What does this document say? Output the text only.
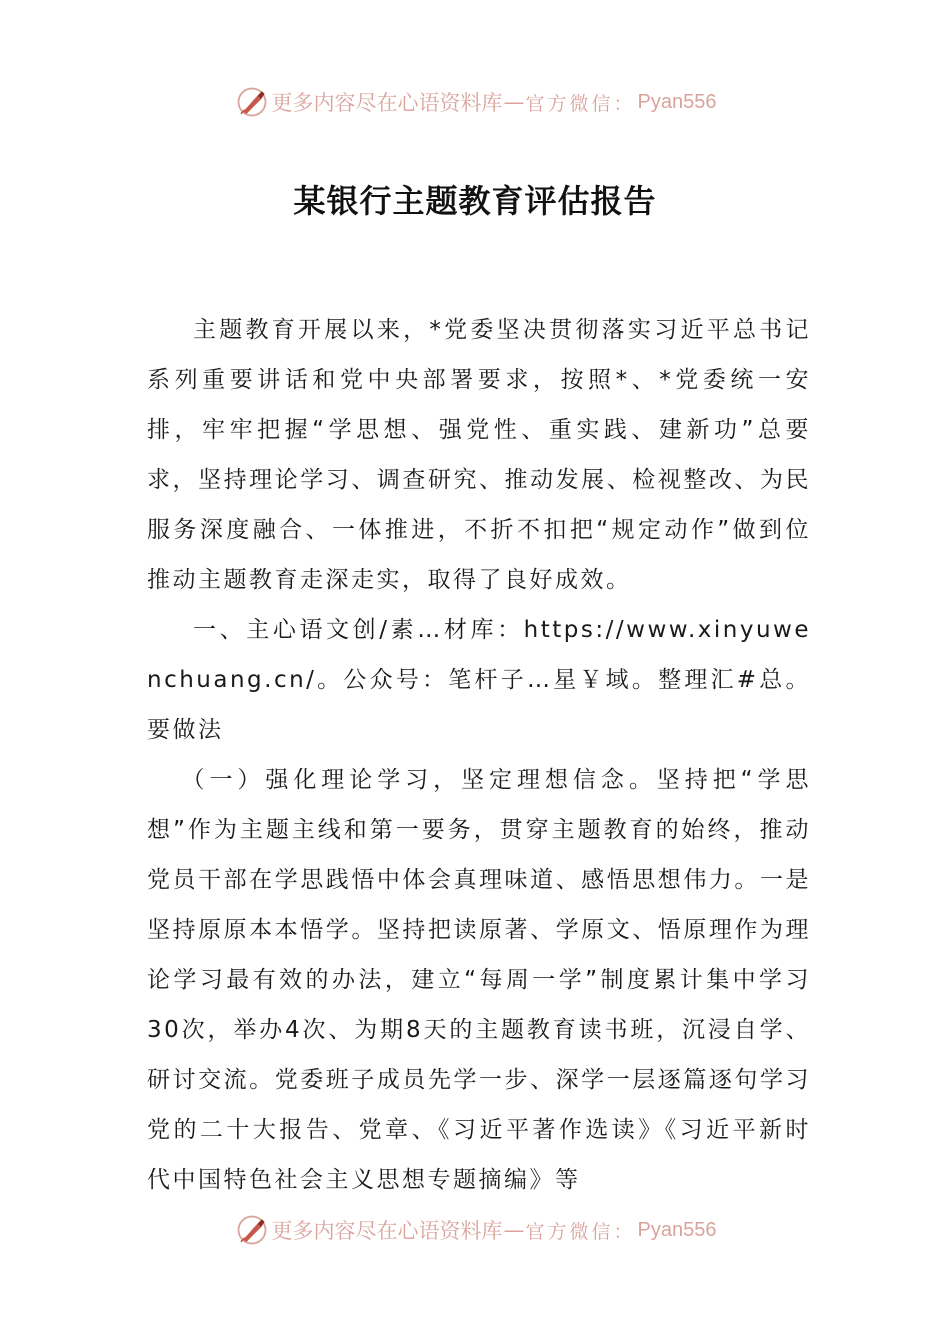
更多内容尽在心语资料库 — 官方微信： Pyan556
某银行主题教育评估报告

主题教育开展以来，*党委坚决贯彻落实习近平总书记系列重要讲话和党中央部署要求，按照*、*党委统一安排，牢牢把握“学思想、强党性、重实践、建新功”总要求，坚持理论学习、调查研究、推动发展、检视整改、为民服务深度融合、一体推进，不折不扣把“规定动作”做到位推动主题教育走深走实，取得了良好成效。

一、主心语文创/素…材库：https://www.xinyuwenchuang.cn/。公众号：笔杆子…星￥域。整理汇#总。要做法

（一）强化理论学习，坚定理想信念。坚持把“学思想”作为主题主线和第一要务，贯穿主题教育的始终，推动党员干部在学思践悟中体会真理味道、感悟思想伟力。一是坚持原原本本悟学。坚持把读原著、学原文、悟原理作为理论学习最有效的办法，建立“每周一学”制度累计集中学习30次，举办4次、为期8天的主题教育读书班，沉浸自学、研讨交流。党委班子成员先学一步、深学一层逐篇逐句学习党的二十大报告、党章、《习近平著作选读》《习近平新时代中国特色社会主义思想专题摘编》等

更多内容尽在心语资料库 — 官方微信： Pyan556
